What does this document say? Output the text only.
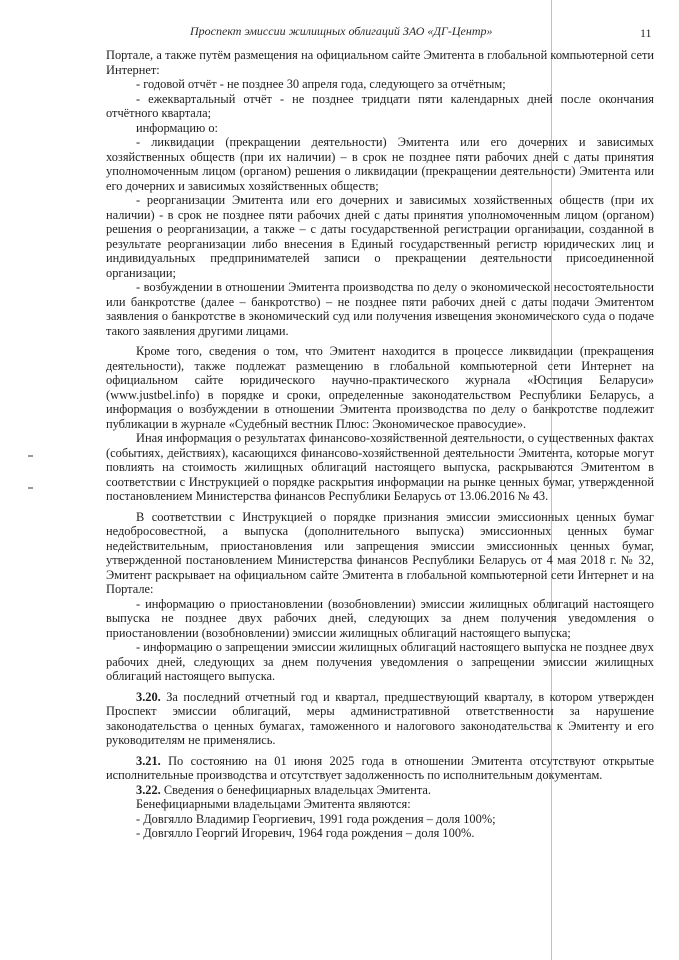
Проспект эмиссии жилищных облигаций ЗАО «ДГ-Центр»	11

Портале, а также путём размещения на официальном сайте Эмитента в глобальной компьютерной сети Интернет:

- годовой отчёт - не позднее 30 апреля года, следующего за отчётным;

- ежеквартальный отчёт - не позднее тридцати пяти календарных дней после окончания отчётного квартала;

информацию о:

- ликвидации (прекращении деятельности) Эмитента или его дочерних и зависимых хозяйственных обществ (при их наличии) – в срок не позднее пяти рабочих дней с даты принятия уполномоченным лицом (органом) решения о ликвидации (прекращении деятельности) Эмитента или его дочерних и зависимых хозяйственных обществ;

- реорганизации Эмитента или его дочерних и зависимых хозяйственных обществ (при их наличии) - в срок не позднее пяти рабочих дней с даты принятия уполномоченным лицом (органом) решения о реорганизации, а также – с даты государственной регистрации организации, созданной в результате реорганизации либо внесения в Единый государственный регистр юридических лиц и индивидуальных предпринимателей записи о прекращении деятельности присоединенной организации;

- возбуждении в отношении Эмитента производства по делу о экономической несостоятельности или банкротстве (далее – банкротство) – не позднее пяти рабочих дней с даты подачи Эмитентом заявления о банкротстве в экономический суд или получения извещения экономического суда о подаче такого заявления другими лицами.

Кроме того, сведения о том, что Эмитент находится в процессе ликвидации (прекращения деятельности), также подлежат размещению в глобальной компьютерной сети Интернет на официальном сайте юридического научно-практического журнала «Юстиция Беларуси» (www.justbel.info) в порядке и сроки, определенные законодательством Республики Беларусь, а информация о возбуждении в отношении Эмитента производства по делу о банкротстве подлежит публикации в журнале «Судебный вестник Плюс: Экономическое правосудие».

Иная информация о результатах финансово-хозяйственной деятельности, о существенных фактах (событиях, действиях), касающихся финансово-хозяйственной деятельности Эмитента, которые могут повлиять на стоимость жилищных облигаций настоящего выпуска, раскрываются Эмитентом в соответствии с Инструкцией о порядке раскрытия информации на рынке ценных бумаг, утвержденной постановлением Министерства финансов Республики Беларусь от 13.06.2016 № 43.

В соответствии с Инструкцией о порядке признания эмиссии эмиссионных ценных бумаг недобросовестной, а выпуска (дополнительного выпуска) эмиссионных ценных бумаг недействительным, приостановления или запрещения эмиссии эмиссионных ценных бумаг, утвержденной постановлением Министерства финансов Республики Беларусь от 4 мая 2018 г. № 32, Эмитент раскрывает на официальном сайте Эмитента в глобальной компьютерной сети Интернет и на Портале:

- информацию о приостановлении (возобновлении) эмиссии жилищных облигаций настоящего выпуска не позднее двух рабочих дней, следующих за днем получения уведомления о приостановлении (возобновлении) эмиссии жилищных облигаций настоящего выпуска;

- информацию о запрещении эмиссии жилищных облигаций настоящего выпуска не позднее двух рабочих дней, следующих за днем получения уведомления о запрещении эмиссии жилищных облигаций настоящего выпуска.

3.20. За последний отчетный год и квартал, предшествующий кварталу, в котором утвержден Проспект эмиссии облигаций, меры административной ответственности за нарушение законодательства о ценных бумагах, таможенного и налогового законодательства к Эмитенту и его руководителям не применялись.

3.21. По состоянию на 01 июня 2025 года в отношении Эмитента отсутствуют открытые исполнительные производства и отсутствует задолженность по исполнительным документам.

3.22. Сведения о бенефициарных владельцах Эмитента.

Бенефициарными владельцами Эмитента являются:

- Довгялло Владимир Георгиевич, 1991 года рождения – доля 100%;

- Довгялло Георгий Игоревич, 1964 года рождения – доля 100%.
